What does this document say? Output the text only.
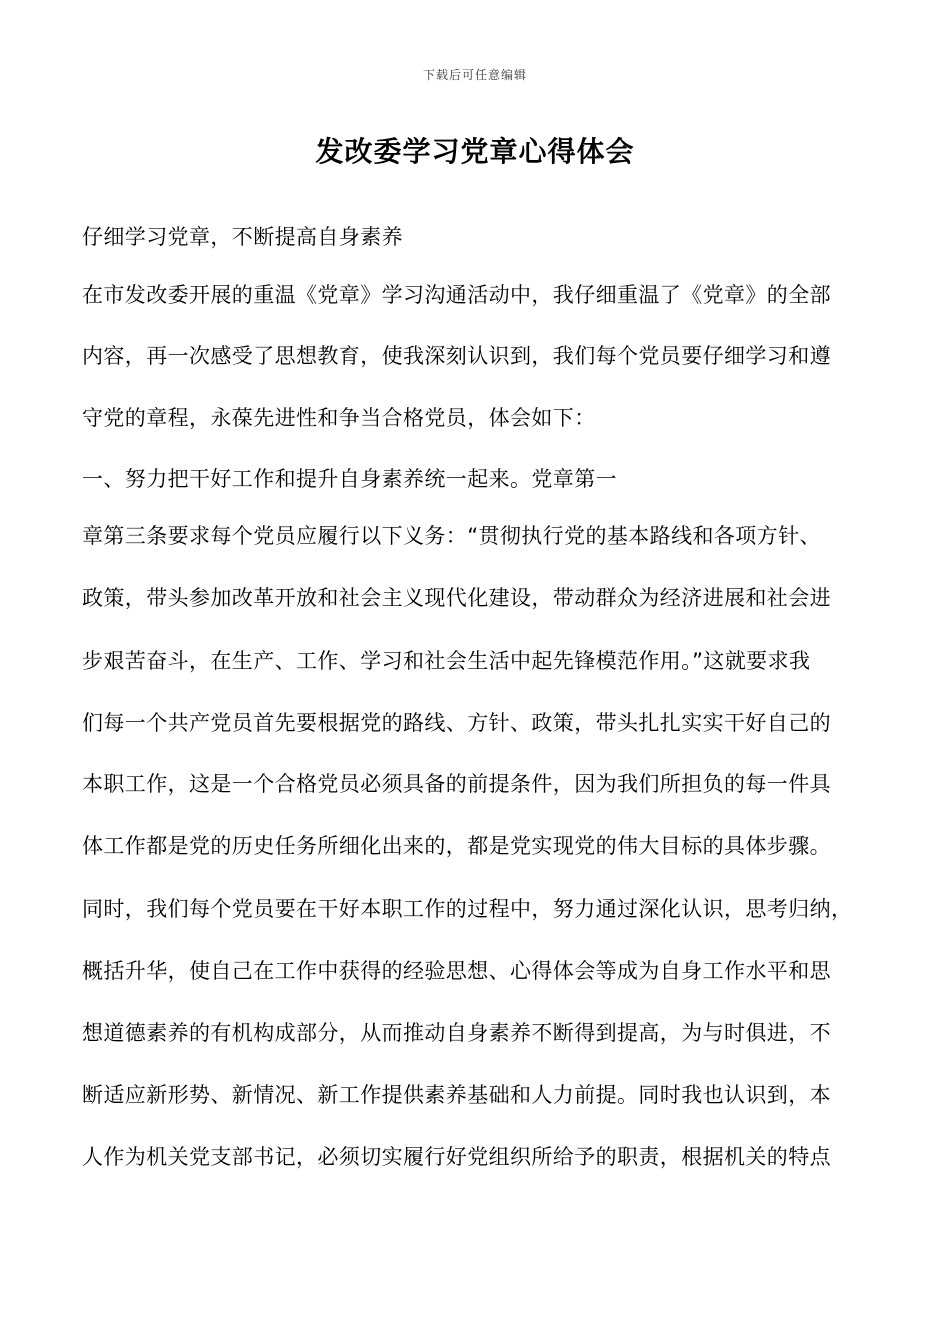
下载后可任意编辑
发改委学习党章心得体会
仔细学习党章，不断提高自身素养
在市发改委开展的重温《党章》学习沟通活动中，我仔细重温了《党章》的全部
内容，再一次感受了思想教育，使我深刻认识到，我们每个党员要仔细学习和遵
守党的章程，永葆先进性和争当合格党员，体会如下：
一、努力把干好工作和提升自身素养统一起来。党章第一
章第三条要求每个党员应履行以下义务：“贯彻执行党的基本路线和各项方针、
政策，带头参加改革开放和社会主义现代化建设，带动群众为经济进展和社会进
步艰苦奋斗，在生产、工作、学习和社会生活中起先锋模范作用。”这就要求我
们每一个共产党员首先要根据党的路线、方针、政策，带头扎扎实实干好自己的
本职工作，这是一个合格党员必须具备的前提条件，因为我们所担负的每一件具
体工作都是党的历史任务所细化出来的，都是党实现党的伟大目标的具体步骤。
同时，我们每个党员要在干好本职工作的过程中，努力通过深化认识，思考归纳，
概括升华，使自己在工作中获得的经验思想、心得体会等成为自身工作水平和思
想道德素养的有机构成部分，从而推动自身素养不断得到提高，为与时俱进，不
断适应新形势、新情况、新工作提供素养基础和人力前提。同时我也认识到，本
人作为机关党支部书记，必须切实履行好党组织所给予的职责，根据机关的特点
